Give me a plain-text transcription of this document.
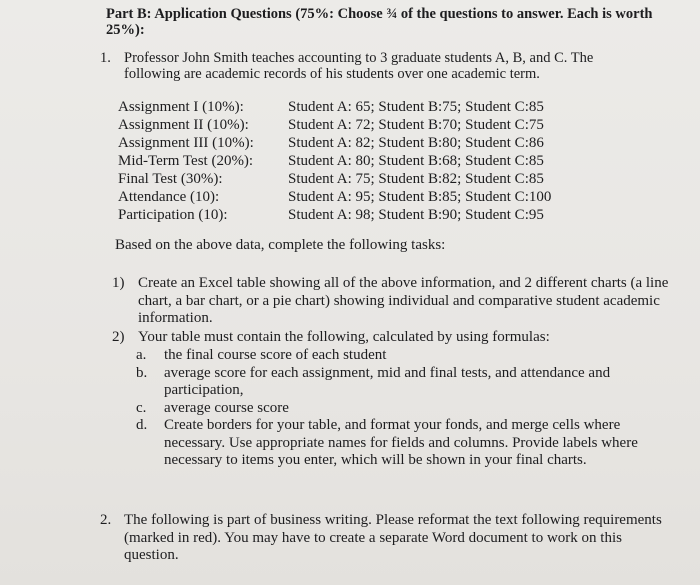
Part B: Application Questions (75%: Choose ¾ of the questions to answer. Each is worth 25%):
1. Professor John Smith teaches accounting to 3 graduate students A, B, and C. The following are academic records of his students over one academic term.
Assignment I (10%):	Student A: 65; Student B:75; Student C:85
Assignment II (10%):	Student A: 72; Student B:70; Student C:75
Assignment III (10%):	Student A: 82; Student B:80; Student C:86
Mid-Term Test (20%):	Student A: 80; Student B:68; Student C:85
Final Test (30%):	Student A: 75; Student B:82; Student C:85
Attendance (10):	Student A: 95; Student B:85; Student C:100
Participation (10):	Student A: 98; Student B:90; Student C:95
Based on the above data, complete the following tasks:
1) Create an Excel table showing all of the above information, and 2 different charts (a line chart, a bar chart, or a pie chart) showing individual and comparative student academic information.
2) Your table must contain the following, calculated by using formulas:
a. the final course score of each student
b. average score for each assignment, mid and final tests, and attendance and participation,
c. average course score
d. Create borders for your table, and format your fonds, and merge cells where necessary. Use appropriate names for fields and columns. Provide labels where necessary to items you enter, which will be shown in your final charts.
2. The following is part of business writing. Please reformat the text following requirements (marked in red). You may have to create a separate Word document to work on this question.
